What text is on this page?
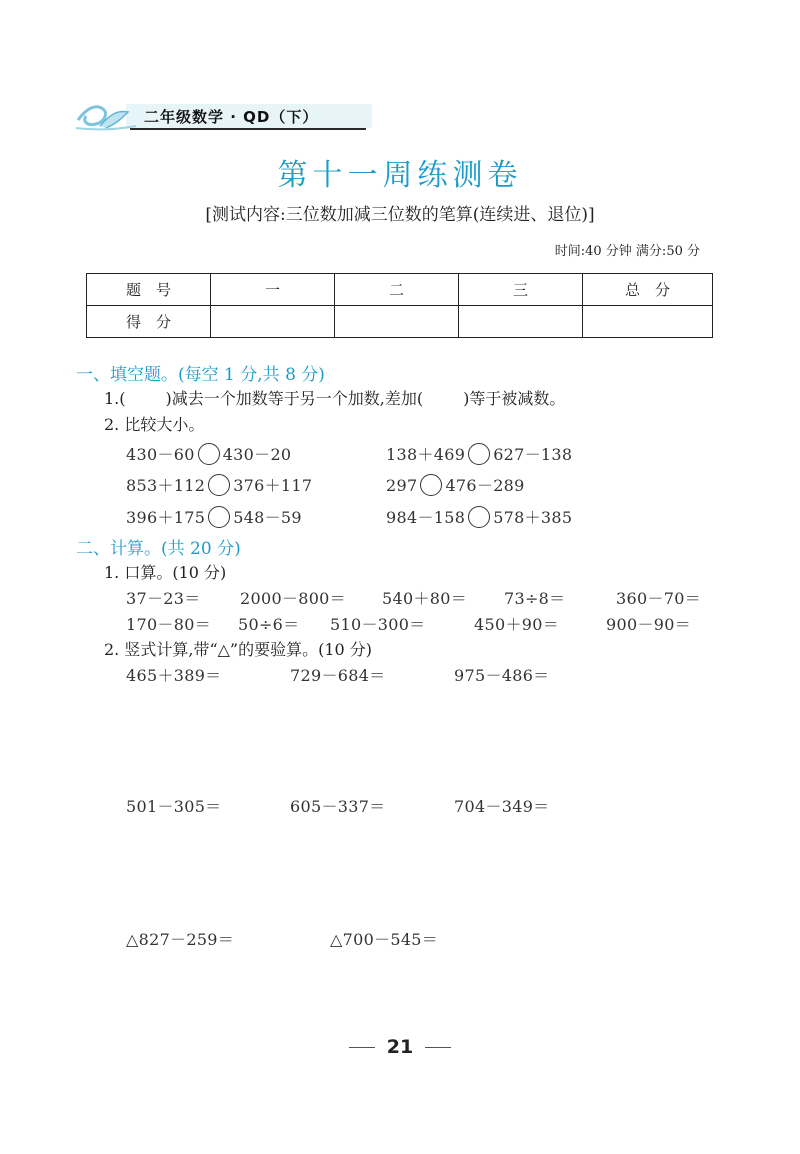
二年级数学 · QD（下）
第十一周练测卷
[测试内容:三位数加减三位数的笔算(连续进、退位)]
时间:40 分钟 满分:50 分
题　号	一	二	三	总　分
得　分				
一、填空题。(每空 1 分,共 8 分)
1.(	)减去一个加数等于另一个加数,差加(	)等于被减数。
2. 比较大小。
430－60 430－20	138＋469 627－138
853＋112 376＋117	297 476－289
396＋175 548－59	984－158 578＋385
二、计算。(共 20 分)
1. 口算。(10 分)
37－23＝ 2000－800＝ 540＋80＝ 73÷8＝	360－70＝
170－80＝ 50÷6＝ 510－300＝	450＋90＝	900－90＝
2. 竖式计算,带“△”的要验算。(10 分)
465＋389＝	729－684＝	975－486＝
501－305＝	605－337＝	704－349＝
△827－259＝	△700－545＝
21
